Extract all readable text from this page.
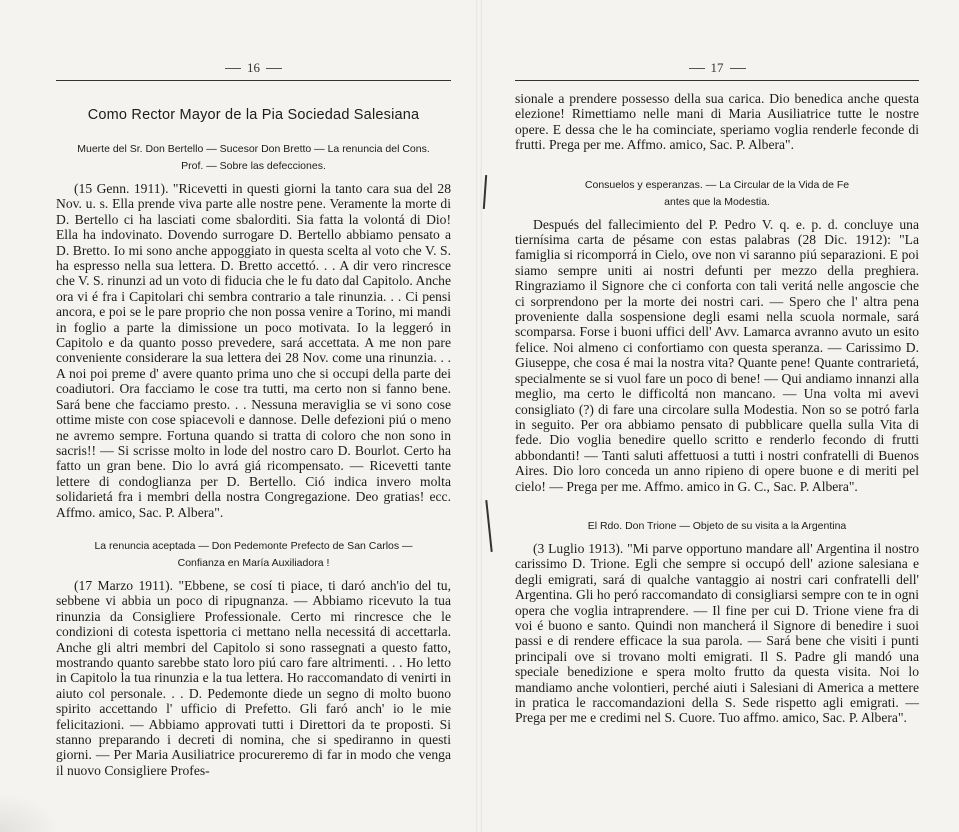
16
Como Rector Mayor de la Pia Sociedad Salesiana
Muerte del Sr. Don Bertello — Sucesor Don Bretto — La renuncia del Cons.
Prof. — Sobre las defecciones.

(15 Genn. 1911). "Ricevetti in questi giorni la tanto cara sua del 28 Nov. u. s. Ella prende viva parte alle nostre pene. Veramente la morte di D. Bertello ci ha lasciati come sbalorditi. Sia fatta la volontá di Dio! Ella ha indovinato. Dovendo surrogare D. Bertello abbiamo pensato a D. Bretto. Io mi sono anche appoggiato in questa scelta al voto che V. S. ha espresso nella sua lettera. D. Bretto accettó. . . A dir vero rincresce che V. S. rinunzi ad un voto di fiducia che le fu dato dal Capitolo. Anche ora vi é fra i Capitolari chi sembra contrario a tale rinunzia. . . Ci pensi ancora, e poi se le pare proprio che non possa venire a Torino, mi mandi in foglio a parte la dimissione un poco motivata. Io la leggeró in Capitolo e da quanto posso prevedere, sará accettata. A me non pare conveniente considerare la sua lettera dei 28 Nov. come una rinunzia. . . A noi poi preme d' avere quanto prima uno che si occupi della parte dei coadiutori. Ora facciamo le cose tra tutti, ma certo non si fanno bene. Sará bene che facciamo presto. . . Nessuna meraviglia se vi sono cose ottime miste con cose spiacevoli e dannose. Delle defezioni piú o meno ne avremo sempre. Fortuna quando si tratta di coloro che non sono in sacris!! — Si scrisse molto in lode del nostro caro D. Bourlot. Certo ha fatto un gran bene. Dio lo avrá giá ricompensato. — Ricevetti tante lettere di condoglianza per D. Bertello. Ció indica invero molta solidarietá fra i membri della nostra Congregazione. Deo gratias! ecc. Affmo. amico, Sac. P. Albera".

La renuncia aceptada — Don Pedemonte Prefecto de San Carlos —
Confianza en María Auxiliadora !

(17 Marzo 1911). "Ebbene, se cosí ti piace, ti daró anch'io del tu, sebbene vi abbia un poco di ripugnanza. — Abbiamo ricevuto la tua rinunzia da Consigliere Professionale. Certo mi rincresce che le condizioni di cotesta ispettoria ci mettano nella necessitá di accettarla. Anche gli altri membri del Capitolo si sono rassegnati a questo fatto, mostrando quanto sarebbe stato loro piú caro fare altrimenti. . . Ho letto in Capitolo la tua rinunzia e la tua lettera. Ho raccomandato di venirti in aiuto col personale. . . D. Pedemonte diede un segno di molto buono spirito accettando l' ufficio di Prefetto. Gli faró anch' io le mie felicitazioni. — Abbiamo approvati tutti i Direttori da te proposti. Si stanno preparando i decreti di nomina, che si spediranno in questi giorni. — Per Maria Ausiliatrice procureremo di far in modo che venga il nuovo Consigliere Profes-

17

sionale a prendere possesso della sua carica. Dio benedica anche questa elezione! Rimettiamo nelle mani di Maria Ausiliatrice tutte le nostre opere. E dessa che le ha cominciate, speriamo voglia renderle feconde di frutti. Prega per me. Affmo. amico, Sac. P. Albera".

Consuelos y esperanzas. — La Circular de la Vida de Fe
antes que la Modestia.

Después del fallecimiento del P. Pedro V. q. e. p. d. concluye una tiernísima carta de pésame con estas palabras (28 Dic. 1912): "La famiglia si ricomporrá in Cielo, ove non vi saranno piú separazioni. E poi siamo sempre uniti ai nostri defunti per mezzo della preghiera. Ringraziamo il Signore che ci conforta con tali veritá nelle angoscie che ci sorprendono per la morte dei nostri cari. — Spero che l' altra pena proveniente dalla sospensione degli esami nella scuola normale, sará scomparsa. Forse i buoni uffici dell' Avv. Lamarca avranno avuto un esito felice. Noi almeno ci confortiamo con questa speranza. — Carissimo D. Giuseppe, che cosa é mai la nostra vita? Quante pene! Quante contrarietá, specialmente se si vuol fare un poco di bene! — Qui andiamo innanzi alla meglio, ma certo le difficoltá non mancano. — Una volta mi avevi consigliato (?) di fare una circolare sulla Modestia. Non so se potró farla in seguito. Per ora abbiamo pensato di pubblicare quella sulla Vita di fede. Dio voglia benedire quello scritto e renderlo fecondo di frutti abbondanti! — Tanti saluti affettuosi a tutti i nostri confratelli di Buenos Aires. Dio loro conceda un anno ripieno di opere buone e di meriti pel cielo! — Prega per me. Affmo. amico in G. C., Sac. P. Albera".

El Rdo. Don Trione — Objeto de su visita a la Argentina

(3 Luglio 1913). "Mi parve opportuno mandare all' Argentina il nostro carissimo D. Trione. Egli che sempre si occupó dell' azione salesiana e degli emigrati, sará di qualche vantaggio ai nostri cari confratelli dell' Argentina. Gli ho peró raccomandato di consigliarsi sempre con te in ogni opera che voglia intraprendere. — Il fine per cui D. Trione viene fra di voi é buono e santo. Quindi non mancherá il Signore di benedire i suoi passi e di rendere efficace la sua parola. — Sará bene che visiti i punti principali ove si trovano molti emigrati. Il S. Padre gli mandó una speciale benedizione e spera molto frutto da questa visita. Noi lo mandiamo anche volontieri, perché aiuti i Salesiani di America a mettere in pratica le raccomandazioni della S. Sede rispetto agli emigrati. — Prega per me e credimi nel S. Cuore. Tuo affmo. amico, Sac. P. Albera".
